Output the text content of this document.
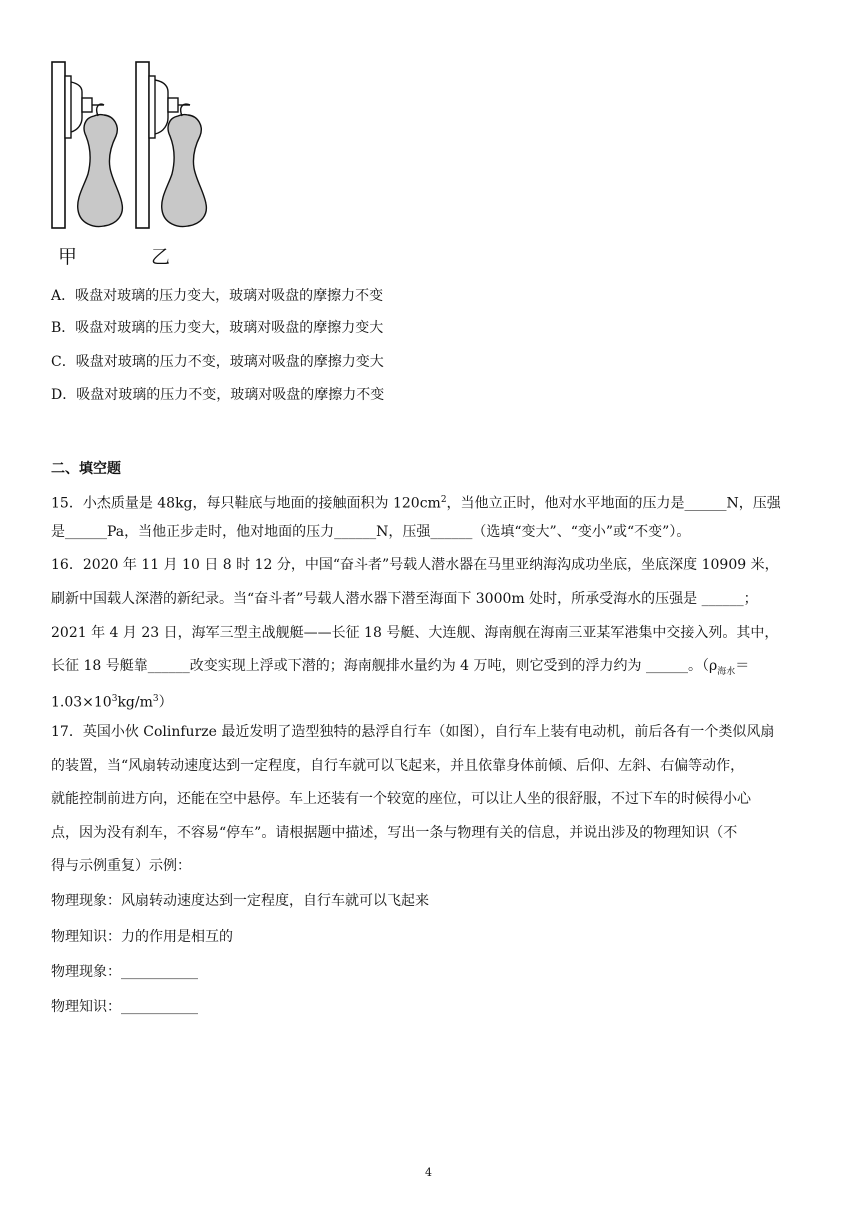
甲	乙
A．吸盘对玻璃的压力变大，玻璃对吸盘的摩擦力不变
B．吸盘对玻璃的压力变大，玻璃对吸盘的摩擦力变大
C．吸盘对玻璃的压力不变，玻璃对吸盘的摩擦力变大
D．吸盘对玻璃的压力不变，玻璃对吸盘的摩擦力不变
二、填空题
15．小杰质量是 48kg，每只鞋底与地面的接触面积为 $120cm^2$，当他立正时，他对水平地面的压力是______N，压强
是______Pa，当他正步走时，他对地面的压力______N，压强______（选填“变大”、“变小”或“不变”）。
16．2020 年 11 月 10 日 8 时 12 分，中国“奋斗者”号载人潜水器在马里亚纳海沟成功坐底，坐底深度 10909 米，
刷新中国载人深潜的新纪录。当“奋斗者”号载人潜水器下潜至海面下 3000m 处时，所承受海水的压强是 ______；
2021 年 4 月 23 日，海军三型主战舰艇——长征 18 号艇、大连舰、海南舰在海南三亚某军港集中交接入列。其中，
长征 18 号艇靠______改变实现上浮或下潜的；海南舰排水量约为 4 万吨，则它受到的浮力约为 ______。（$\rho_{海水}=$
$1.03\times 10^3kg/m^3$）
17．英国小伙 Colinfurze 最近发明了造型独特的悬浮自行车（如图），自行车上装有电动机，前后各有一个类似风扇
的装置，当“风扇转动速度达到一定程度，自行车就可以飞起来，并且依靠身体前倾、后仰、左斜、右偏等动作，
就能控制前进方向，还能在空中悬停。车上还装有一个较宽的座位，可以让人坐的很舒服，不过下车的时候得小心
点，因为没有刹车，不容易“停车”。请根据题中描述，写出一条与物理有关的信息，并说出涉及的物理知识（不
得与示例重复）示例：
物理现象：风扇转动速度达到一定程度，自行车就可以飞起来
物理知识：力的作用是相互的
物理现象：___________
物理知识：___________
4
